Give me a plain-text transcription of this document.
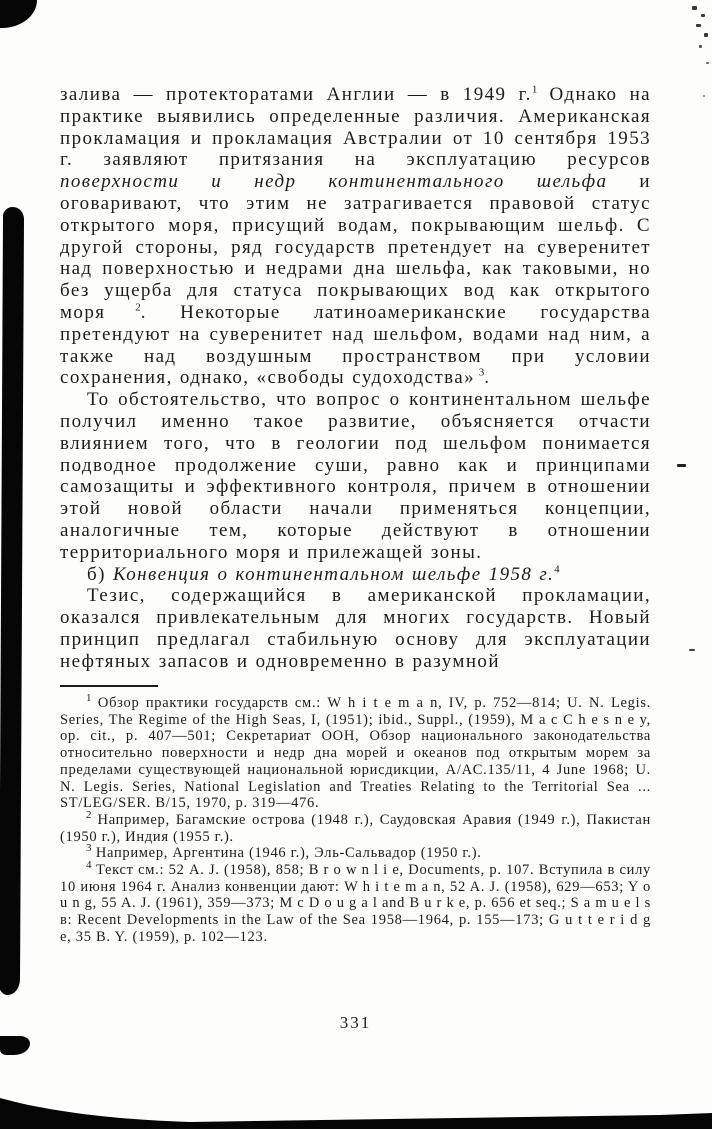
залива — протекторатами Англии — в 1949 г.$^1$ Однако на практике выявились определенные различия. Американская прокламация и прокламация Австралии от 10 сентября 1953 г. заявляют притязания на эксплуатацию ресурсов поверхности и недр континентального шельфа и оговаривают, что этим не затрагивается правовой статус открытого моря, присущий водам, покрывающим шельф. С другой стороны, ряд государств претендует на суверенитет над поверхностью и недрами дна шельфа, как таковыми, но без ущерба для статуса покрывающих вод как открытого моря $^2$. Некоторые латиноамериканские государства претендуют на суверенитет над шельфом, водами над ним, а также над воздушным пространством при условии сохранения, однако, «свободы судоходства» $^3$.

То обстоятельство, что вопрос о континентальном шельфе получил именно такое развитие, объясняется отчасти влиянием того, что в геологии под шельфом понимается подводное продолжение суши, равно как и принципами самозащиты и эффективного контроля, причем в отношении этой новой области начали применяться концепции, аналогичные тем, которые действуют в отношении территориального моря и прилежащей зоны.

б) Конвенция о континентальном шельфе 1958 г.$^4$

Тезис, содержащийся в американской прокламации, оказался привлекательным для многих государств. Новый принцип предлагал стабильную основу для эксплуатации нефтяных запасов и одновременно в разумной

$^1$ Обзор практики государств см.: W h i t e m a n, IV, p. 752—814; U. N. Legis. Series, The Regime of the High Seas, I, (1951); ibid., Suppl., (1959), M a c C h e s n e y, op. cit., p. 407—501; Секретариат ООН, Обзор национального законодательства относительно поверхности и недр дна морей и океанов под открытым морем за пределами существующей национальной юрисдикции, A/AC.135/11, 4 June 1968; U. N. Legis. Series, National Legislation and Treaties Relating to the Territorial Sea ... ST/LEG/SER. B/15, 1970, p. 319—476.

$^2$ Например, Багамские острова (1948 г.), Саудовская Аравия (1949 г.), Пакистан (1950 г.), Индия (1955 г.).

$^3$ Например, Аргентина (1946 г.), Эль-Сальвадор (1950 г.).

$^4$ Текст см.: 52 A. J. (1958), 858; B r o w n l i e, Documents, p. 107. Вступила в силу 10 июня 1964 г. Анализ конвенции дают: W h i t e m a n, 52 A. J. (1958), 629—653; Y o u n g, 55 A. J. (1961), 359—373; M c D o u g a l and B u r k e, p. 656 et seq.; S a m u e l s в: Recent Developments in the Law of the Sea 1958—1964, p. 155—173; G u t t e r i d g e, 35 B. Y. (1959), p. 102—123.

331
